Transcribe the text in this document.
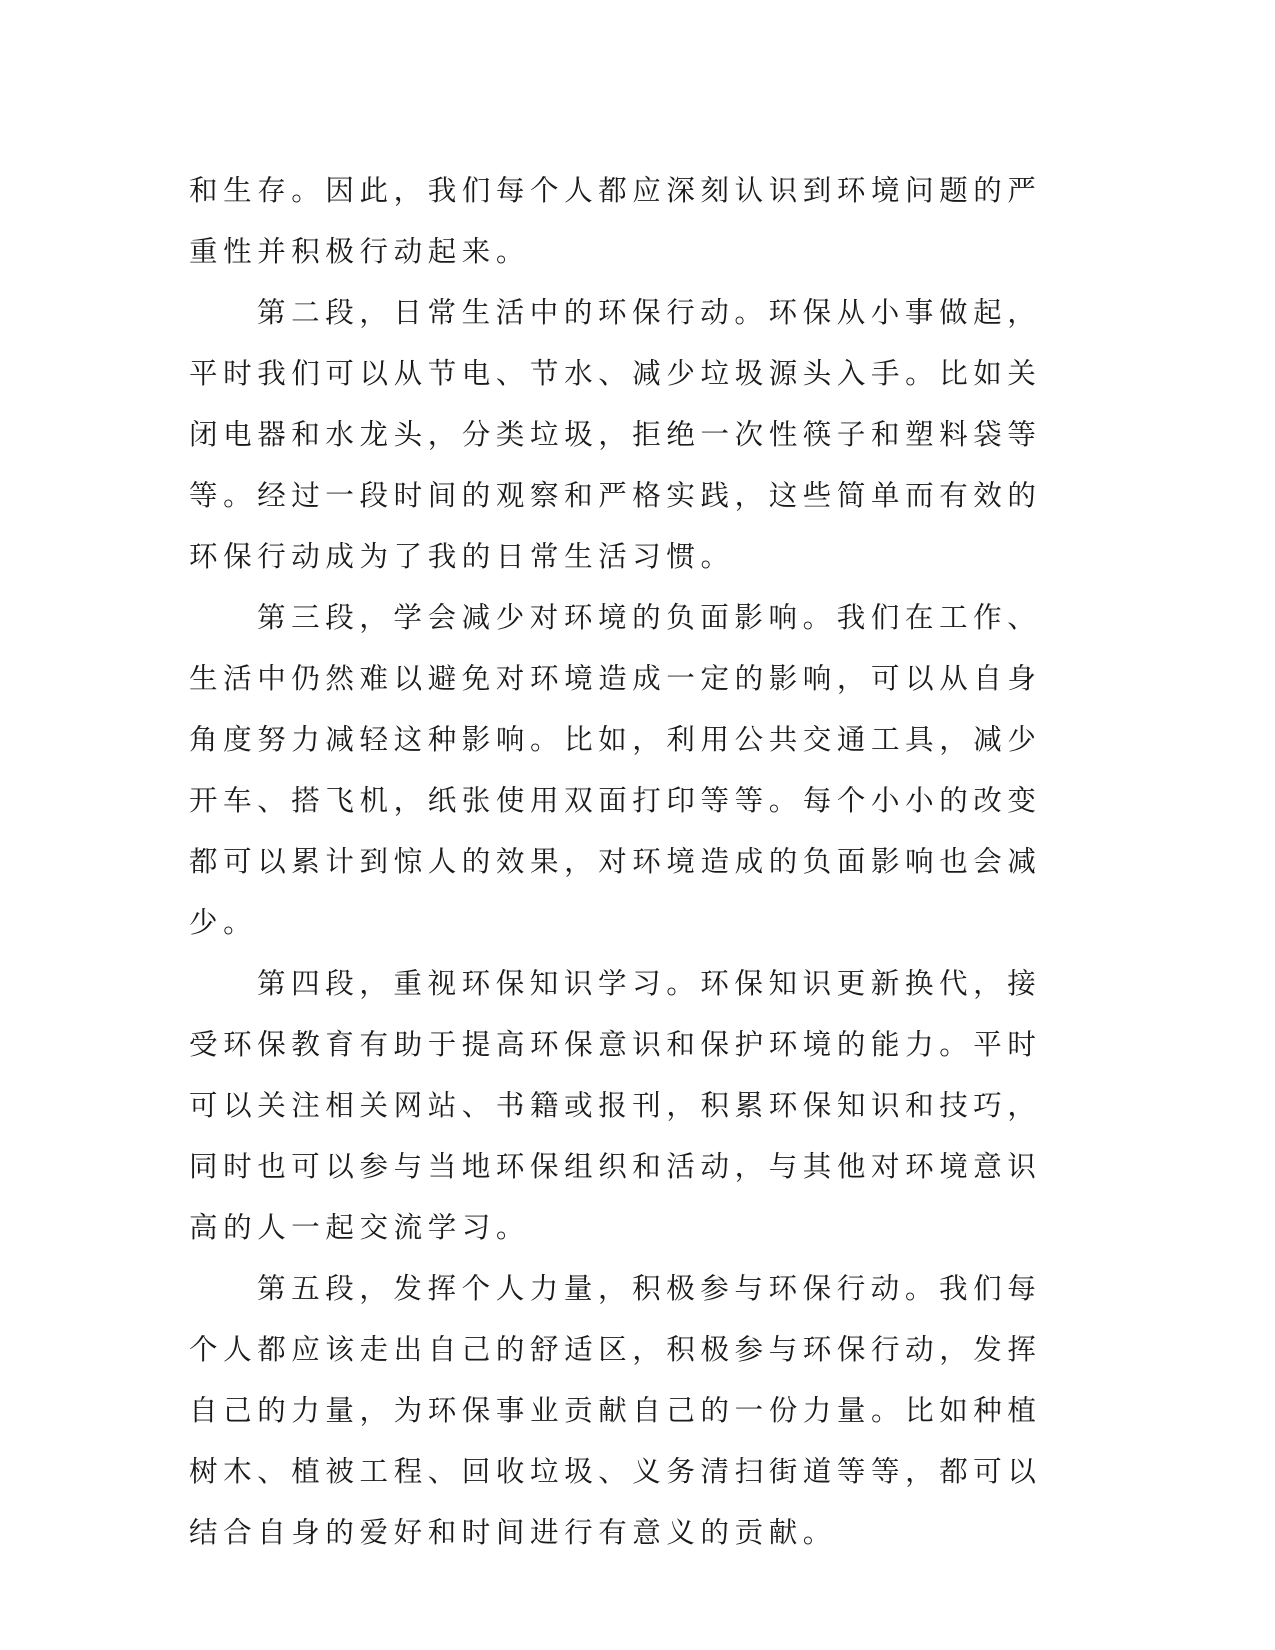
和生存。因此，我们每个人都应深刻认识到环境问题的严重性并积极行动起来。

第二段，日常生活中的环保行动。环保从小事做起，平时我们可以从节电、节水、减少垃圾源头入手。比如关闭电器和水龙头，分类垃圾，拒绝一次性筷子和塑料袋等等。经过一段时间的观察和严格实践，这些简单而有效的环保行动成为了我的日常生活习惯。

第三段，学会减少对环境的负面影响。我们在工作、生活中仍然难以避免对环境造成一定的影响，可以从自身角度努力减轻这种影响。比如，利用公共交通工具，减少开车、搭飞机，纸张使用双面打印等等。每个小小的改变都可以累计到惊人的效果，对环境造成的负面影响也会减少。

第四段，重视环保知识学习。环保知识更新换代，接受环保教育有助于提高环保意识和保护环境的能力。平时可以关注相关网站、书籍或报刊，积累环保知识和技巧，同时也可以参与当地环保组织和活动，与其他对环境意识高的人一起交流学习。

第五段，发挥个人力量，积极参与环保行动。我们每个人都应该走出自己的舒适区，积极参与环保行动，发挥自己的力量，为环保事业贡献自己的一份力量。比如种植树木、植被工程、回收垃圾、义务清扫街道等等，都可以结合自身的爱好和时间进行有意义的贡献。
